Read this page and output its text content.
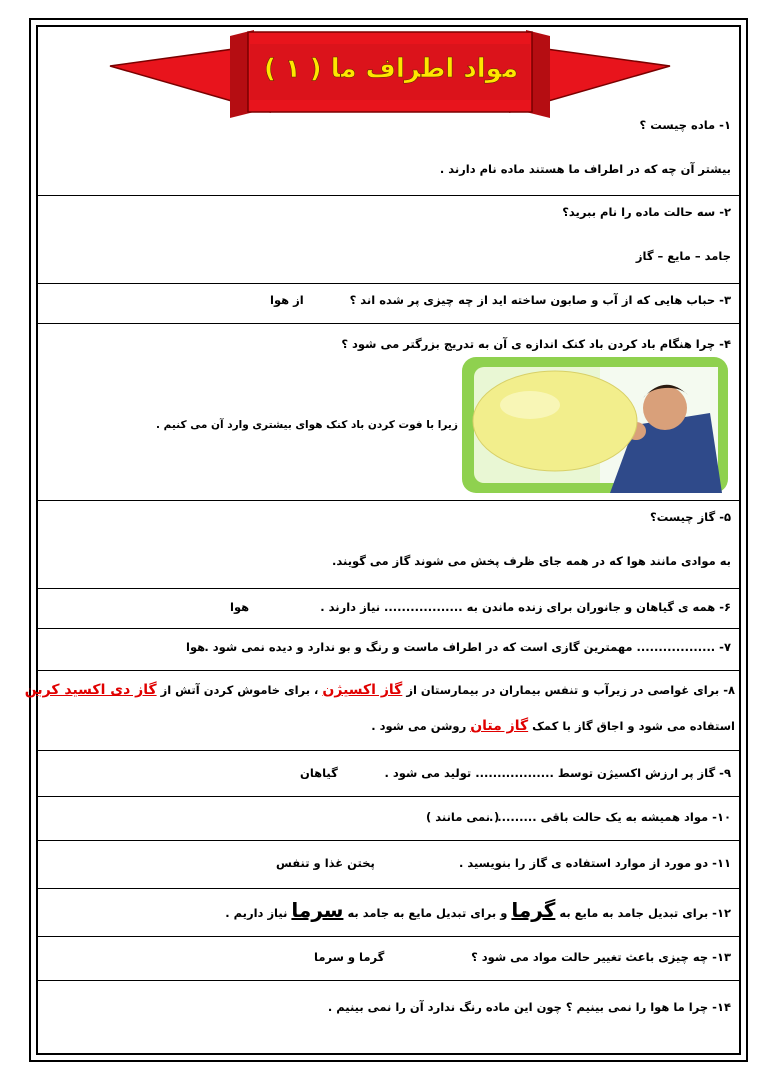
مواد اطراف ما ( ۱ )
۱- ماده چیست ؟
بیشتر آن چه که در اطراف ما هستند ماده نام دارند .
۲- سه حالت ماده را نام ببرید؟
جامد – مایع – گاز
۳- حباب هایی که از آب و صابون ساخته اید از چه چیزی پر شده اند ؟
از هوا
۴- چرا هنگام باد کردن باد کنک اندازه ی آن به تدریج بزرگتر می شود ؟
زیرا با فوت کردن باد کنک هوای بیشتری وارد آن می کنیم .
۵- گاز چیست؟
به موادی مانند هوا که در همه جای ظرف پخش می شوند گاز می گویند.
۶- همه ی گیاهان و جانوران برای زنده ماندن به .................. نیاز دارند .
هوا
۷- .................. مهمترین گازی است که در اطراف ماست و رنگ و بو ندارد و دیده نمی شود .
هوا
۸- برای غواصی در زیرآب و تنفس بیماران در بیمارستان از گاز اکسیژن ، برای خاموش کردن آتش از گاز دی اکسید کربن
استفاده می شود و اجاق گاز با کمک گاز متان روشن می شود .
۹- گاز پر ارزش اکسیژن توسط .................. تولید می شود .
گیاهان
۱۰- مواد همیشه به یک حالت باقی ......... .
( نمی مانند )
۱۱- دو مورد از موارد استفاده ی گاز را بنویسید .
پختن غذا و تنفس
۱۲- برای تبدیل جامد به مایع به گرما و برای تبدیل مایع به جامد به سرما نیاز داریم .
۱۳- چه چیزی باعث تغییر حالت مواد می شود ؟
گرما و سرما
۱۴- چرا ما هوا را نمی بینیم ؟ چون این ماده رنگ ندارد آن را نمی بینیم .
